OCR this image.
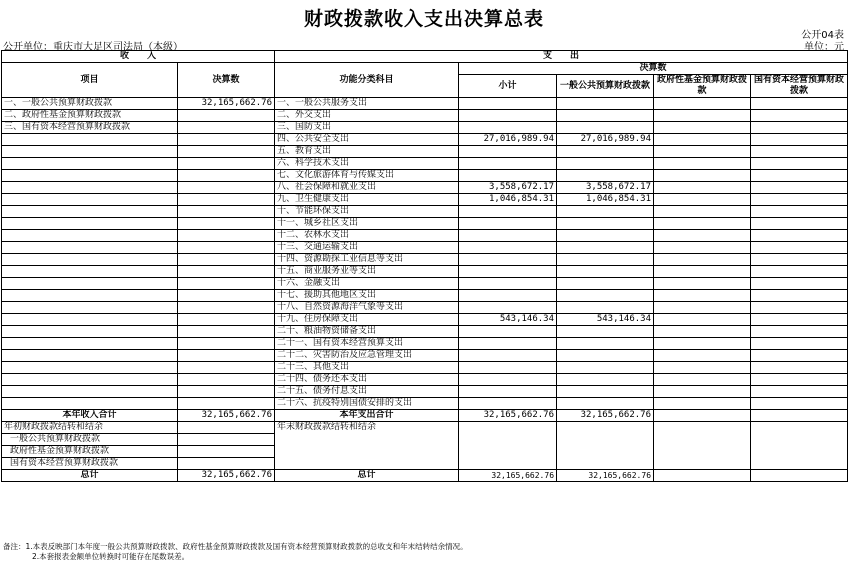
财政拨款收入支出决算总表
公开04表
公开单位：重庆市大足区司法局（本级）	单位：元
收　　入		支　　出				
项目	决算数	功能分类科目	决算数			
			小计	一般公共预算财政拨款	政府性基金预算财政拨款	国有资本经营预算财政拨款

一、一般公共预算财政拨款	32,165,662.76	一、一般公共服务支出				
二、政府性基金预算财政拨款		二、外交支出				
三、国有资本经营预算财政拨款		三、国防支出				
		四、公共安全支出	27,016,989.94	27,016,989.94		
		五、教育支出				
		六、科学技术支出				
		七、文化旅游体育与传媒支出				
		八、社会保障和就业支出	3,558,672.17	3,558,672.17		
		九、卫生健康支出	1,046,854.31	1,046,854.31		
		十、节能环保支出				
		十一、城乡社区支出				
		十二、农林水支出				
		十三、交通运输支出				
		十四、资源勘探工业信息等支出				
		十五、商业服务业等支出				
		十六、金融支出				
		十七、援助其他地区支出				
		十八、自然资源海洋气象等支出				
		十九、住房保障支出	543,146.34	543,146.34		
		二十、粮油物资储备支出				
		二十一、国有资本经营预算支出				
		二十二、灾害防治及应急管理支出				
		二十三、其他支出				
		二十四、债务还本支出				
		二十五、债务付息支出				
		二十六、抗疫特别国债安排的支出				
本年收入合计	32,165,662.76	本年支出合计	32,165,662.76	32,165,662.76		
年初财政拨款结转和结余		年末财政拨款结转和结余				
一般公共预算财政拨款						
政府性基金预算财政拨款						
国有资本经营预算财政拨款						
总计	32,165,662.76	总计	32,165,662.76	32,165,662.76		
备注：1.本表反映部门本年度一般公共预算财政拨款、政府性基金预算财政拨款及国有资本经营预算财政拨款的总收支和年末结转结余情况。
2.本套报表金额单位转换时可能存在尾数误差。
